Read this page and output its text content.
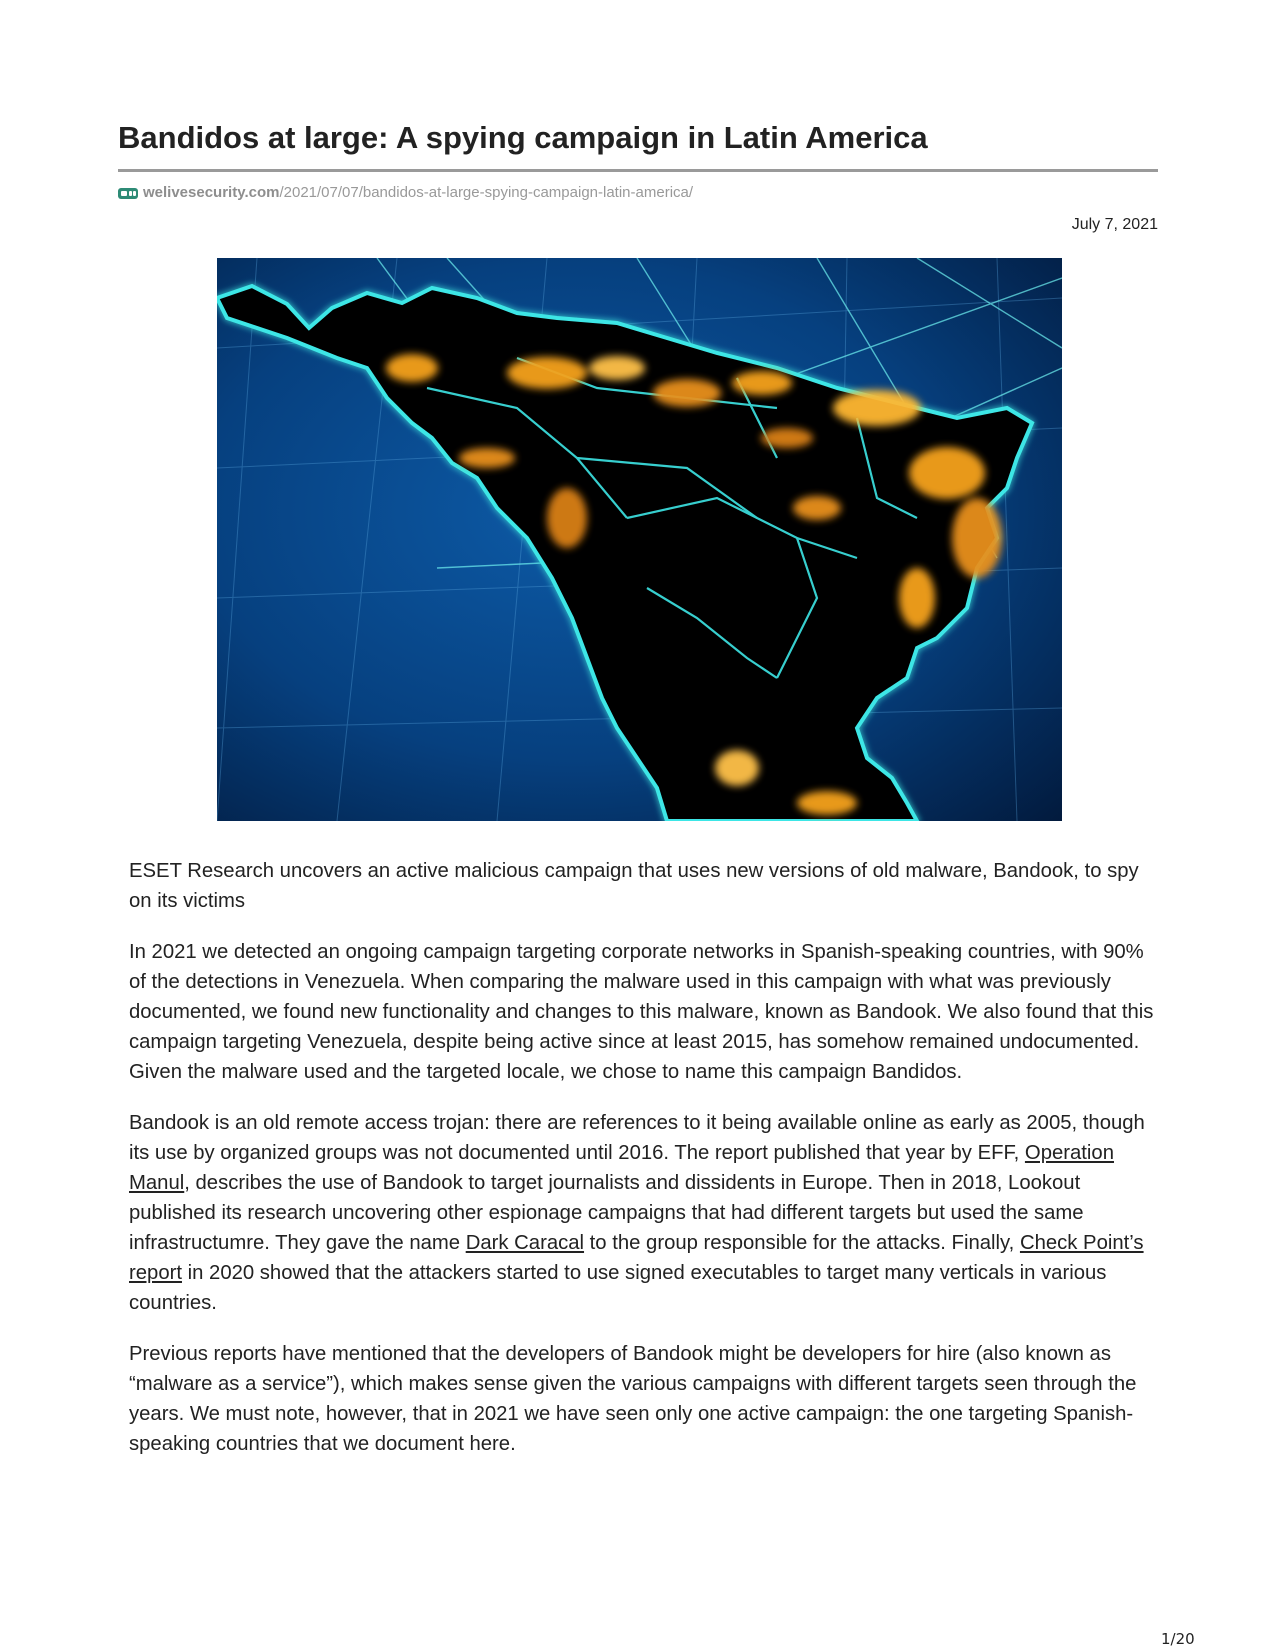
Bandidos at large: A spying campaign in Latin America
welivesecurity.com/2021/07/07/bandidos-at-large-spying-campaign-latin-america/
July 7, 2021

ESET Research uncovers an active malicious campaign that uses new versions of old malware, Bandook, to spy on its victims

In 2021 we detected an ongoing campaign targeting corporate networks in Spanish-speaking countries, with 90% of the detections in Venezuela. When comparing the malware used in this campaign with what was previously documented, we found new functionality and changes to this malware, known as Bandook. We also found that this campaign targeting Venezuela, despite being active since at least 2015, has somehow remained undocumented. Given the malware used and the targeted locale, we chose to name this campaign Bandidos.

Bandook is an old remote access trojan: there are references to it being available online as early as 2005, though its use by organized groups was not documented until 2016. The report published that year by EFF, Operation Manul, describes the use of Bandook to target journalists and dissidents in Europe. Then in 2018, Lookout published its research uncovering other espionage campaigns that had different targets but used the same infrastructumre. They gave the name Dark Caracal to the group responsible for the attacks. Finally, Check Point’s report in 2020 showed that the attackers started to use signed executables to target many verticals in various countries.

Previous reports have mentioned that the developers of Bandook might be developers for hire (also known as “malware as a service”), which makes sense given the various campaigns with different targets seen through the years. We must note, however, that in 2021 we have seen only one active campaign: the one targeting Spanish-speaking countries that we document here.

1/20
